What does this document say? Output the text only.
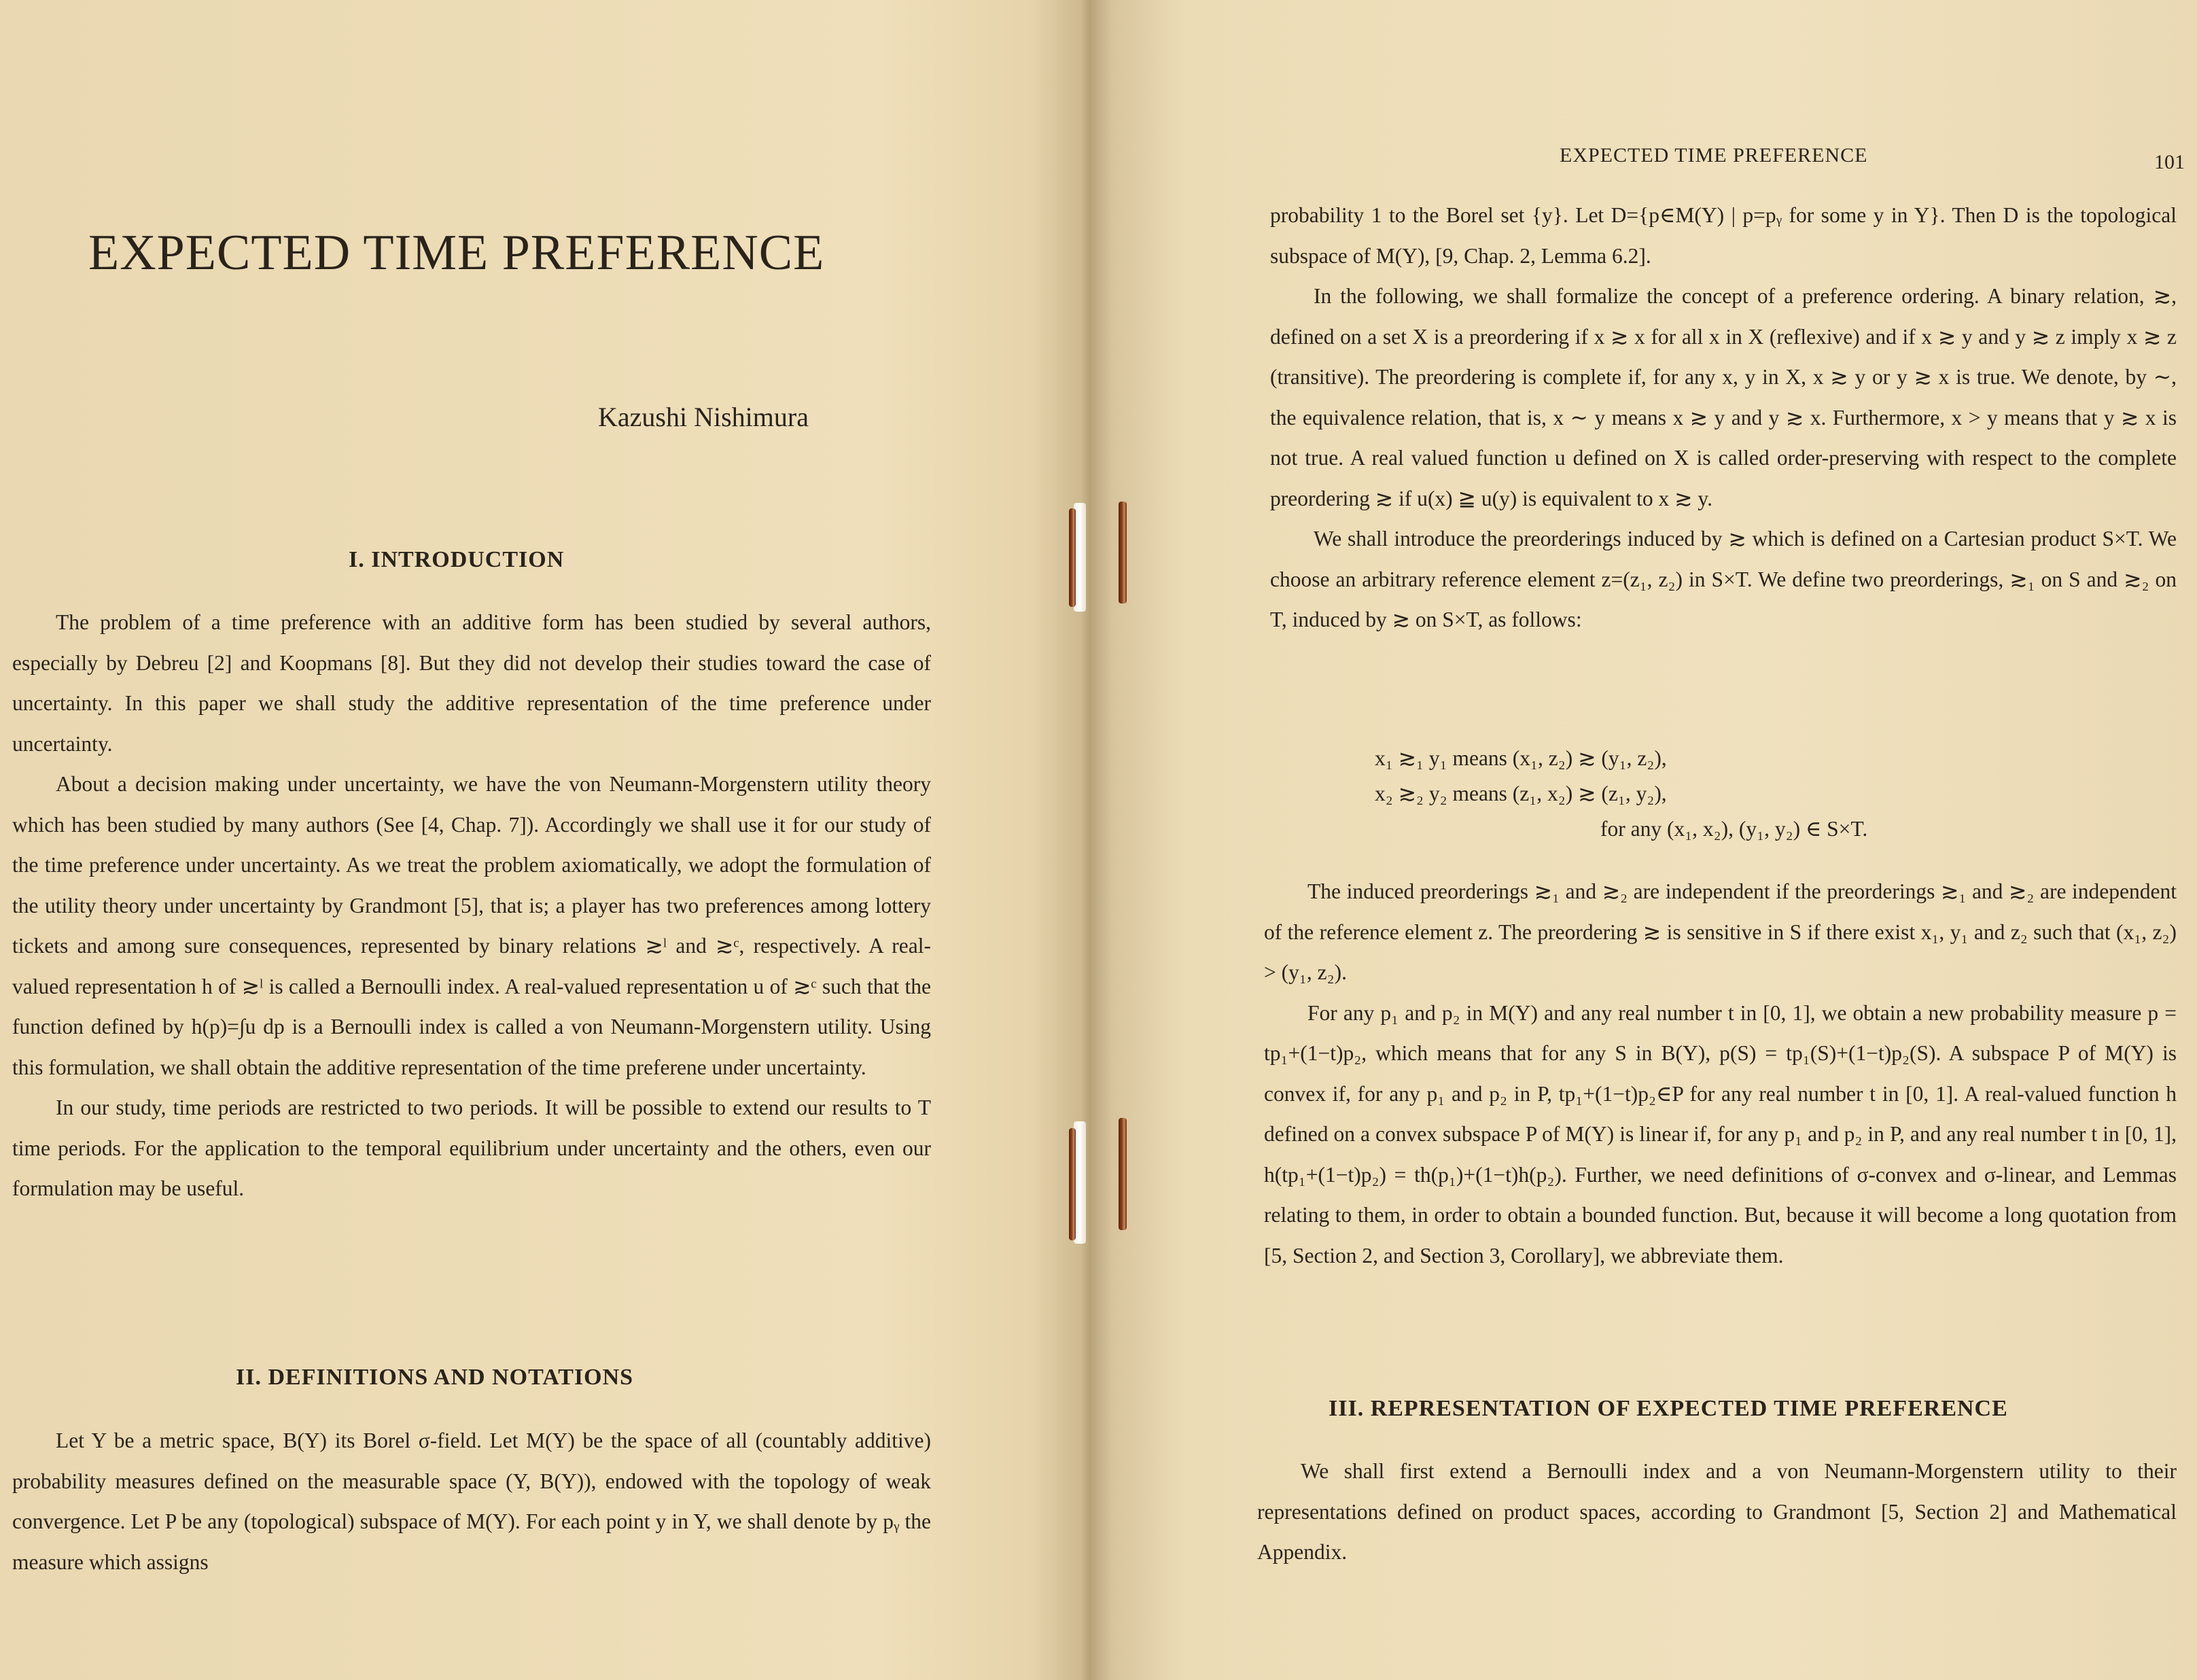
EXPECTED TIME PREFERENCE
Kazushi Nishimura
I. INTRODUCTION

The problem of a time preference with an additive form has been studied by several authors, especially by Debreu [2] and Koopmans [8]. But they did not develop their studies toward the case of uncertainty. In this paper we shall study the additive representation of the time preference under uncertainty.

About a decision making under uncertainty, we have the von Neumann-Morgenstern utility theory which has been studied by many authors (See [4, Chap. 7]). Accordingly we shall use it for our study of the time preference under uncertainty. As we treat the problem axiomatically, we adopt the formulation of the utility theory under uncertainty by Grandmont [5], that is; a player has two preferences among lottery tickets and among sure consequences, represented by binary relations ≳ˡ and ≳ᶜ, respectively. A real-valued representation h of ≳ˡ is called a Bernoulli index. A real-valued representation u of ≳ᶜ such that the function defined by h(p)=∫u dp is a Bernoulli index is called a von Neumann-Morgenstern utility. Using this formulation, we shall obtain the additive representation of the time preferene under uncertainty.

In our study, time periods are restricted to two periods. It will be possible to extend our results to T time periods. For the application to the temporal equilibrium under uncertainty and the others, even our formulation may be useful.

II. DEFINITIONS AND NOTATIONS

Let Y be a metric space, B(Y) its Borel σ-field. Let M(Y) be the space of all (countably additive) probability measures defined on the measurable space (Y, B(Y)), endowed with the topology of weak convergence. Let P be any (topological) subspace of M(Y). For each point y in Y, we shall denote by pᵧ the measure which assigns

EXPECTED TIME PREFERENCE	101

probability 1 to the Borel set {y}. Let D={p∈M(Y) | p=pᵧ for some y in Y}. Then D is the topological subspace of M(Y), [9, Chap. 2, Lemma 6.2].

In the following, we shall formalize the concept of a preference ordering. A binary relation, ≳, defined on a set X is a preordering if x ≳ x for all x in X (reflexive) and if x ≳ y and y ≳ z imply x ≳ z (transitive). The preordering is complete if, for any x, y in X, x ≳ y or y ≳ x is true. We denote, by ∼, the equivalence relation, that is, x ∼ y means x ≳ y and y ≳ x. Furthermore, x > y means that y ≳ x is not true. A real valued function u defined on X is called order-preserving with respect to the complete preordering ≳ if u(x) ≧ u(y) is equivalent to x ≳ y.

We shall introduce the preorderings induced by ≳ which is defined on a Cartesian product S×T. We choose an arbitrary reference element z=(z₁, z₂) in S×T. We define two preorderings, ≳₁ on S and ≳₂ on T, induced by ≳ on S×T, as follows:

x₁ ≳₁ y₁ means (x₁, z₂) ≳ (y₁, z₂),
x₂ ≳₂ y₂ means (z₁, x₂) ≳ (z₁, y₂),
for any (x₁, x₂), (y₁, y₂) ∈ S×T.

The induced preorderings ≳₁ and ≳₂ are independent if the preorderings ≳₁ and ≳₂ are independent of the reference element z. The preordering ≳ is sensitive in S if there exist x₁, y₁ and z₂ such that (x₁, z₂) > (y₁, z₂).

For any p₁ and p₂ in M(Y) and any real number t in [0, 1], we obtain a new probability measure p = tp₁+(1−t)p₂, which means that for any S in B(Y), p(S) = tp₁(S)+(1−t)p₂(S). A subspace P of M(Y) is convex if, for any p₁ and p₂ in P, tp₁+(1−t)p₂∈P for any real number t in [0, 1]. A real-valued function h defined on a convex subspace P of M(Y) is linear if, for any p₁ and p₂ in P, and any real number t in [0, 1], h(tp₁+(1−t)p₂) = th(p₁)+(1−t)h(p₂). Further, we need definitions of σ-convex and σ-linear, and Lemmas relating to them, in order to obtain a bounded function. But, because it will become a long quotation from [5, Section 2, and Section 3, Corollary], we abbreviate them.

III. REPRESENTATION OF EXPECTED TIME PREFERENCE

We shall first extend a Bernoulli index and a von Neumann-Morgenstern utility to their representations defined on product spaces, according to Grandmont [5, Section 2] and Mathematical Appendix.
